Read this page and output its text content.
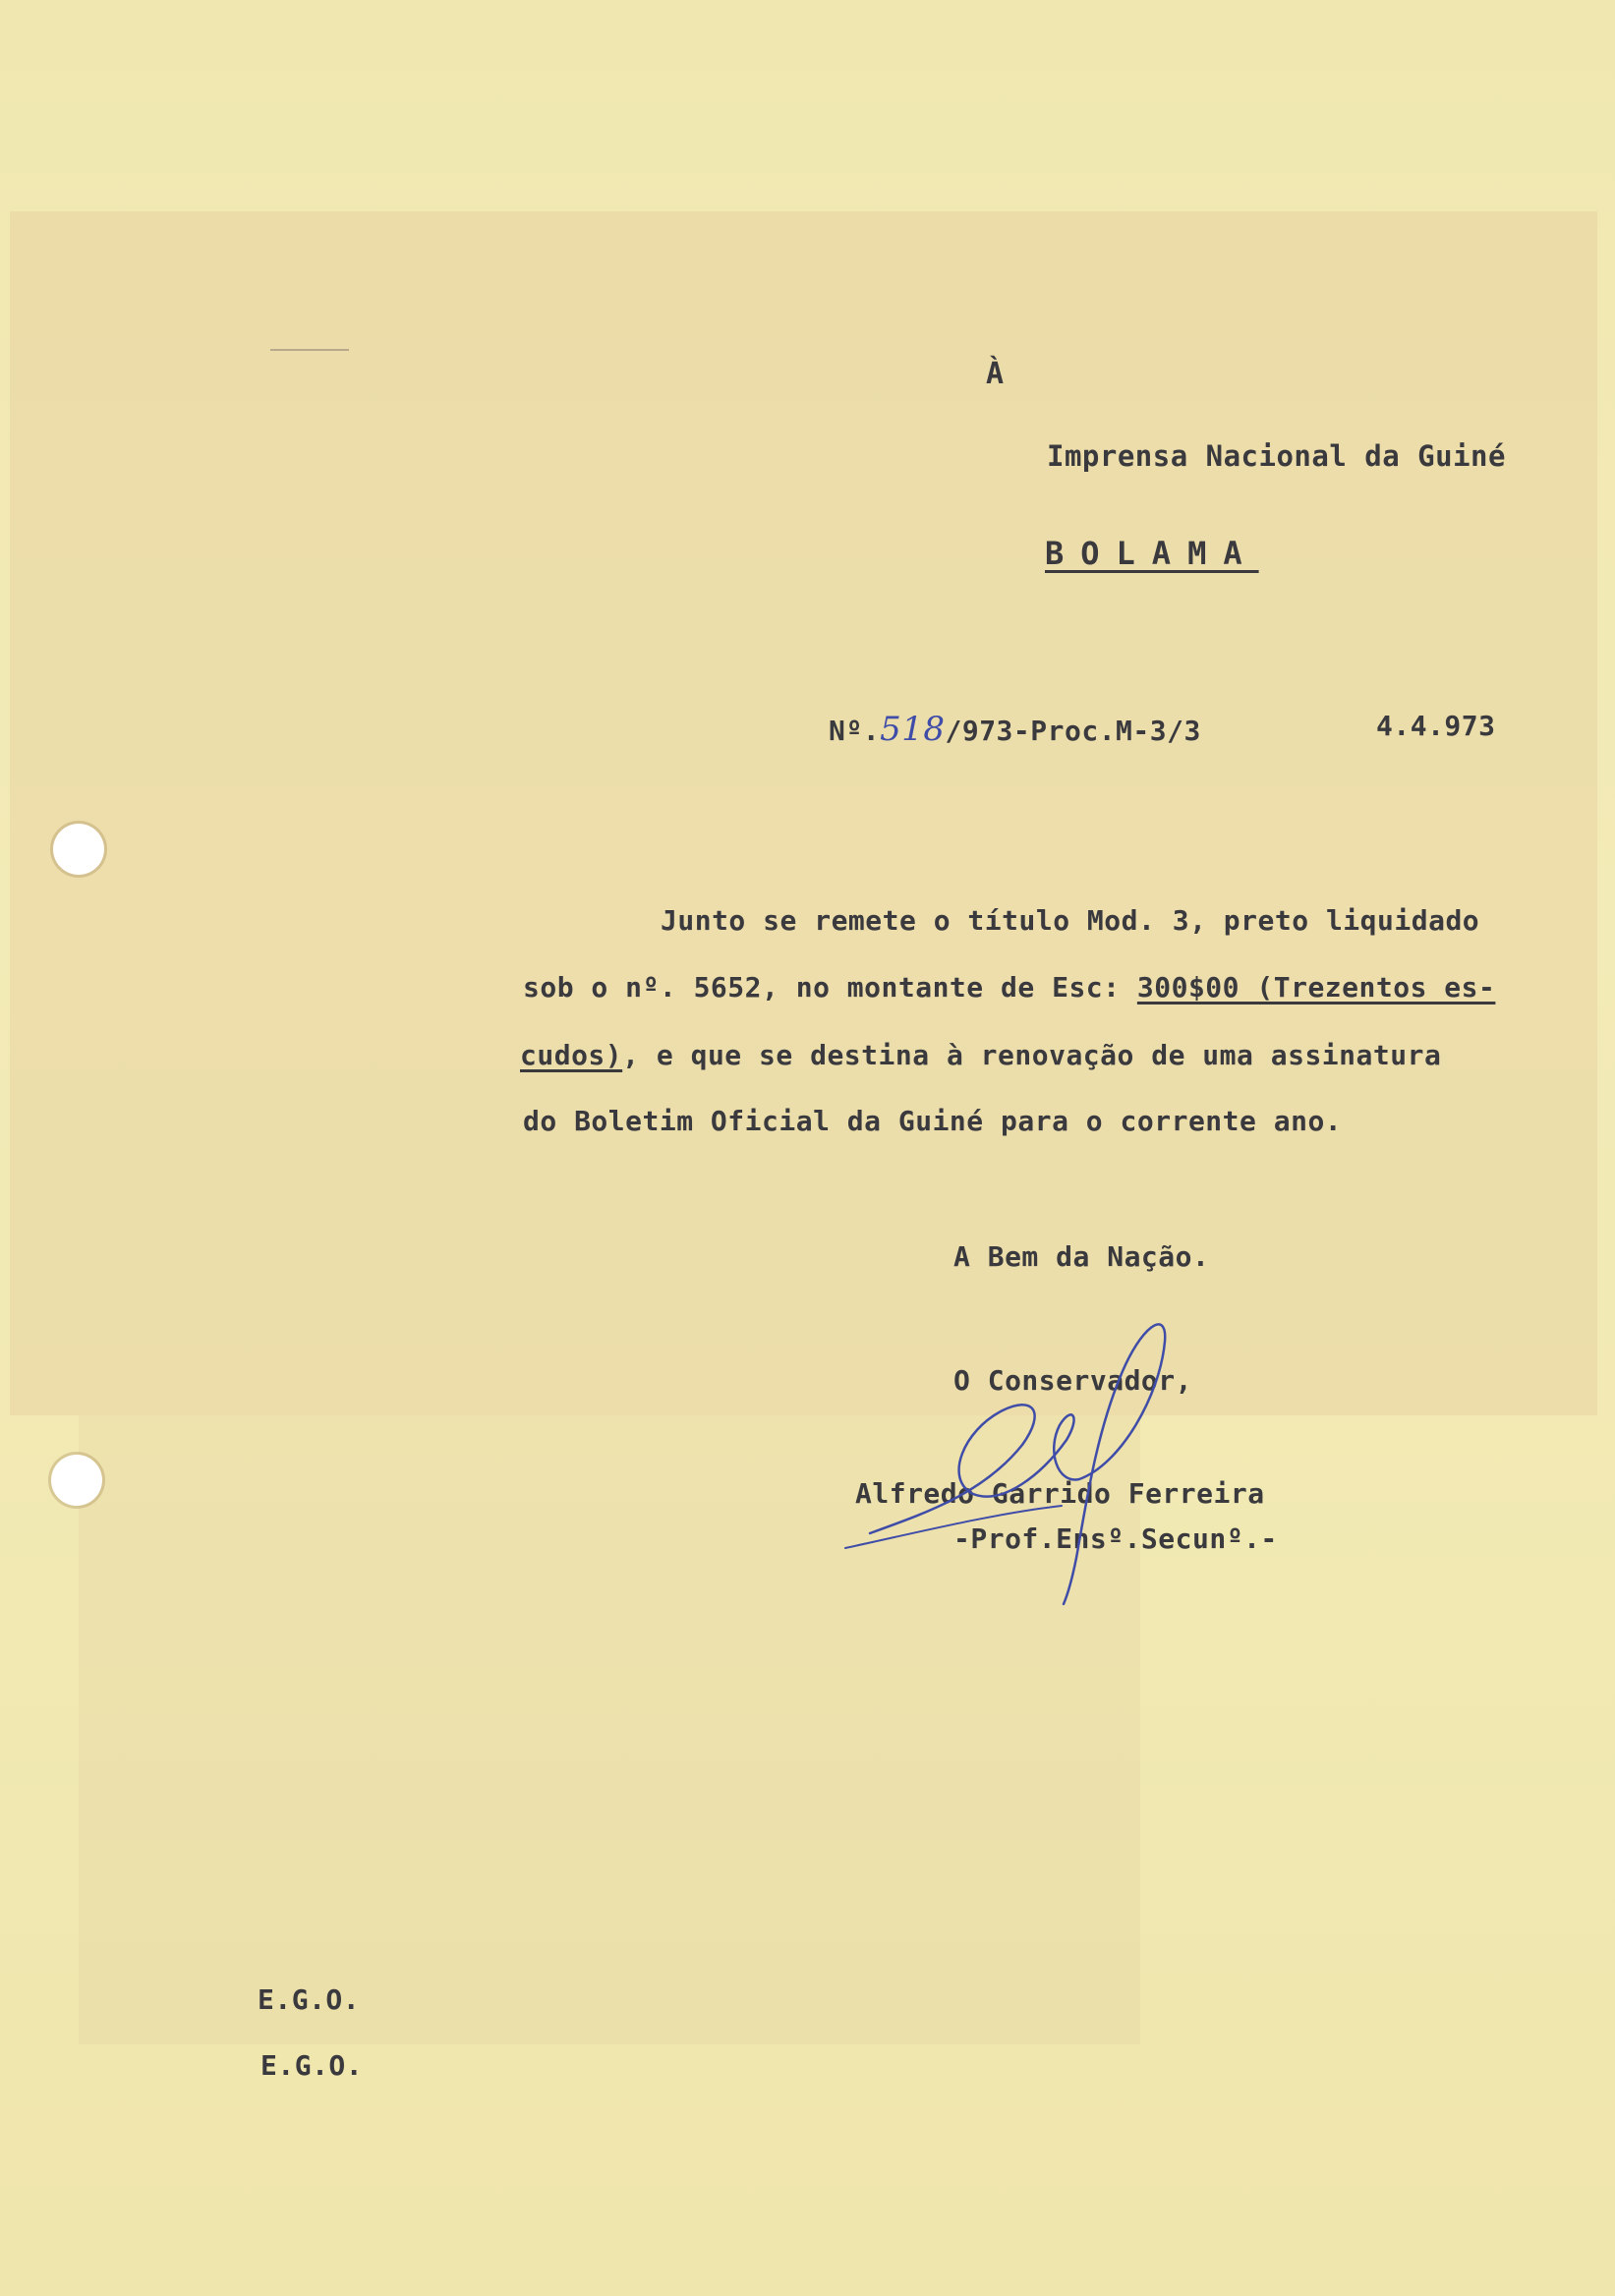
À
Imprensa Nacional da Guiné
BOLAMA
Nº.518/973-Proc.M-3/3	4.4.973
Junto se remete o título Mod. 3, preto liquidado
sob o nº. 5652, no montante de Esc: 300$00 (Trezentos es-
cudos), e que se destina à renovação de uma assinatura
do Boletim Oficial da Guiné para o corrente ano.
A Bem da Nação.
O Conservador,
Alfredo Garrido Ferreira
-Prof.Ensº.Secunº.-
E.G.O.
E.G.O.
